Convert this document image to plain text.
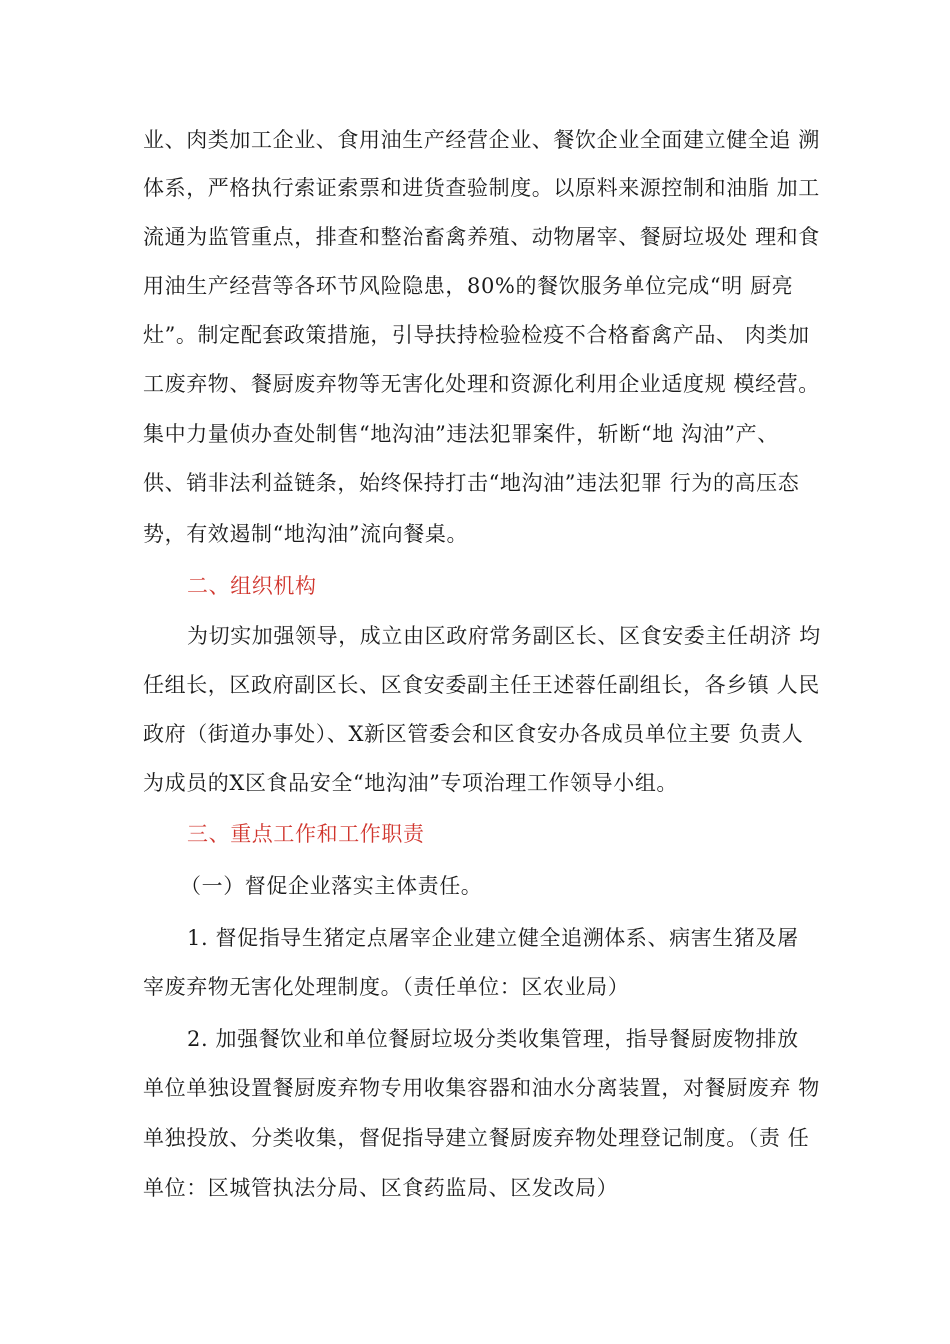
业、肉类加工企业、食用油生产经营企业、餐饮企业全面建立健全追 溯
体系，严格执行索证索票和进货查验制度。以原料来源控制和油脂 加工
流通为监管重点，排查和整治畜禽养殖、动物屠宰、餐厨垃圾处 理和食
用油生产经营等各环节风险隐患，80%的餐饮服务单位完成“明 厨亮
灶”。制定配套政策措施，引导扶持检验检疫不合格畜禽产品、 肉类加
工废弃物、餐厨废弃物等无害化处理和资源化利用企业适度规 模经营。
集中力量侦办查处制售“地沟油”违法犯罪案件，斩断“地 沟油”产、
供、销非法利益链条，始终保持打击“地沟油”违法犯罪 行为的高压态
势，有效遏制“地沟油”流向餐桌。
二、组织机构
为切实加强领导，成立由区政府常务副区长、区食安委主任胡济 均
任组长，区政府副区长、区食安委副主任王述蓉任副组长，各乡镇 人民
政府（街道办事处）、X新区管委会和区食安办各成员单位主要 负责人
为成员的X区食品安全“地沟油”专项治理工作领导小组。
三、重点工作和工作职责
（一）督促企业落实主体责任。
1. 督促指导生猪定点屠宰企业建立健全追溯体系、病害生猪及屠
宰废弃物无害化处理制度。（责任单位：区农业局）
2. 加强餐饮业和单位餐厨垃圾分类收集管理，指导餐厨废物排放
单位单独设置餐厨废弃物专用收集容器和油水分离装置，对餐厨废弃 物
单独投放、分类收集，督促指导建立餐厨废弃物处理登记制度。（责 任
单位：区城管执法分局、区食药监局、区发改局）
